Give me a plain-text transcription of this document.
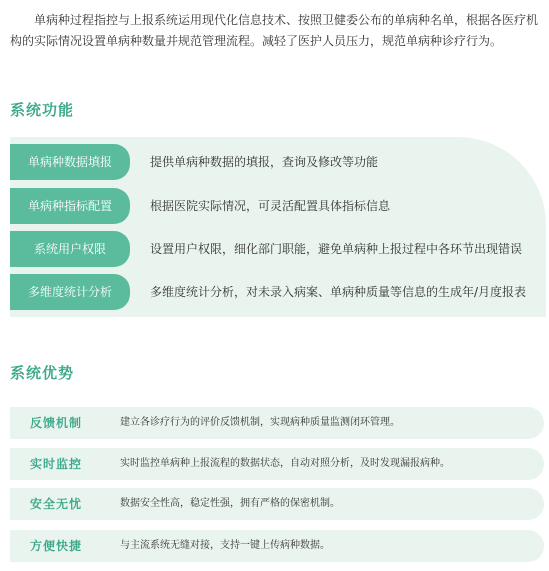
单病种过程指控与上报系统运用现代化信息技术、按照卫健委公布的单病种名单，根据各医疗机构的实际情况设置单病种数量并规范管理流程。减轻了医护人员压力，规范单病种诊疗行为。
系统功能
单病种数据填报	提供单病种数据的填报，查询及修改等功能
单病种指标配置	根据医院实际情况，可灵活配置具体指标信息
系统用户权限	设置用户权限，细化部门职能，避免单病种上报过程中各环节出现错误
多维度统计分析	多维度统计分析，对未录入病案、单病种质量等信息的生成年/月度报表
系统优势
反馈机制	建立各诊疗行为的评价反馈机制，实现病种质量监测闭环管理。
实时监控	实时监控单病种上报流程的数据状态，自动对照分析，及时发现漏报病种。
安全无忧	数据安全性高，稳定性强，拥有严格的保密机制。
方便快捷	与主流系统无缝对接，支持一键上传病种数据。
